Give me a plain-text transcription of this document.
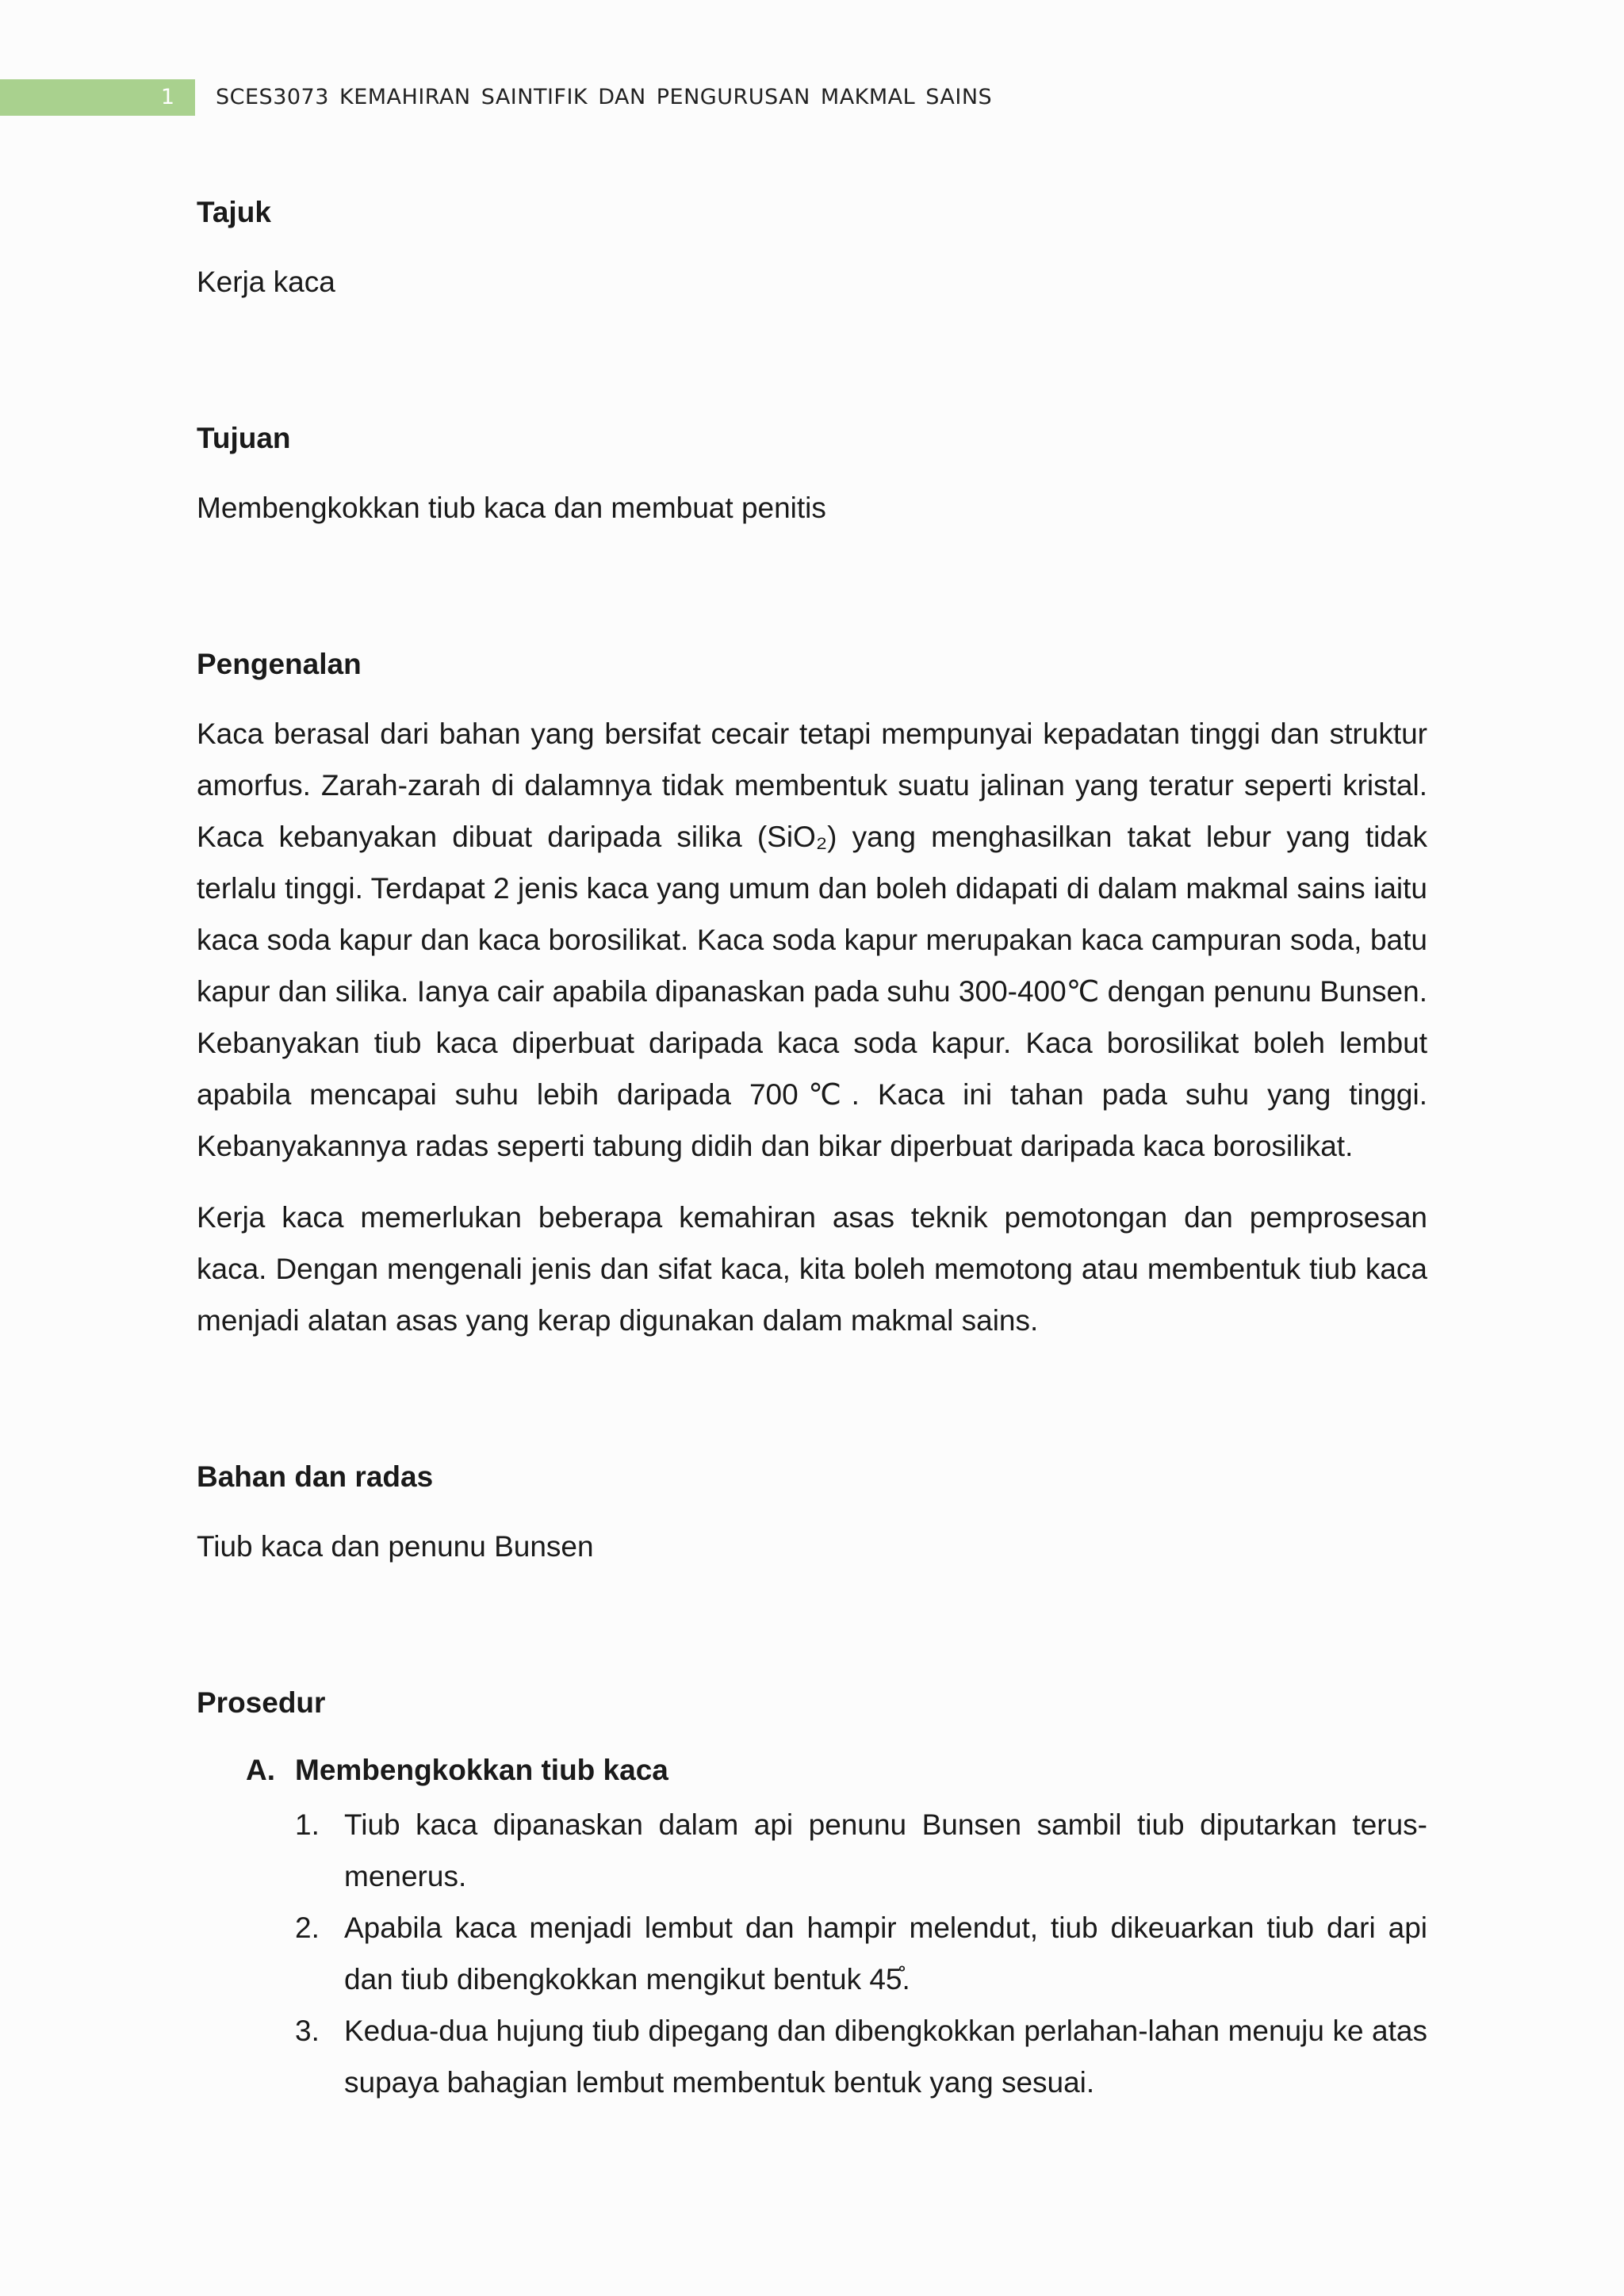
1 SCES3073 KEMAHIRAN SAINTIFIK DAN PENGURUSAN MAKMAL SAINS

Tajuk

Kerja kaca

Tujuan

Membengkokkan tiub kaca dan membuat penitis

Pengenalan

Kaca berasal dari bahan yang bersifat cecair tetapi mempunyai kepadatan tinggi dan struktur amorfus. Zarah-zarah di dalamnya tidak membentuk suatu jalinan yang teratur seperti kristal. Kaca kebanyakan dibuat daripada silika (SiO₂) yang menghasilkan takat lebur yang tidak terlalu tinggi. Terdapat 2 jenis kaca yang umum dan boleh didapati di dalam makmal sains iaitu kaca soda kapur dan kaca borosilikat. Kaca soda kapur merupakan kaca campuran soda, batu kapur dan silika. Ianya cair apabila dipanaskan pada suhu 300-400℃ dengan penunu Bunsen. Kebanyakan tiub kaca diperbuat daripada kaca soda kapur. Kaca borosilikat boleh lembut apabila mencapai suhu lebih daripada 700℃. Kaca ini tahan pada suhu yang tinggi. Kebanyakannya radas seperti tabung didih dan bikar diperbuat daripada kaca borosilikat.

Kerja kaca memerlukan beberapa kemahiran asas teknik pemotongan dan pemprosesan kaca. Dengan mengenali jenis dan sifat kaca, kita boleh memotong atau membentuk tiub kaca menjadi alatan asas yang kerap digunakan dalam makmal sains.

Bahan dan radas

Tiub kaca dan penunu Bunsen

Prosedur

A. Membengkokkan tiub kaca
1. Tiub kaca dipanaskan dalam api penunu Bunsen sambil tiub diputarkan terus-menerus.
2. Apabila kaca menjadi lembut dan hampir melendut, tiub dikeuarkan tiub dari api dan tiub dibengkokkan mengikut bentuk 45̊.
3. Kedua-dua hujung tiub dipegang dan dibengkokkan perlahan-lahan menuju ke atas supaya bahagian lembut membentuk bentuk yang sesuai.
